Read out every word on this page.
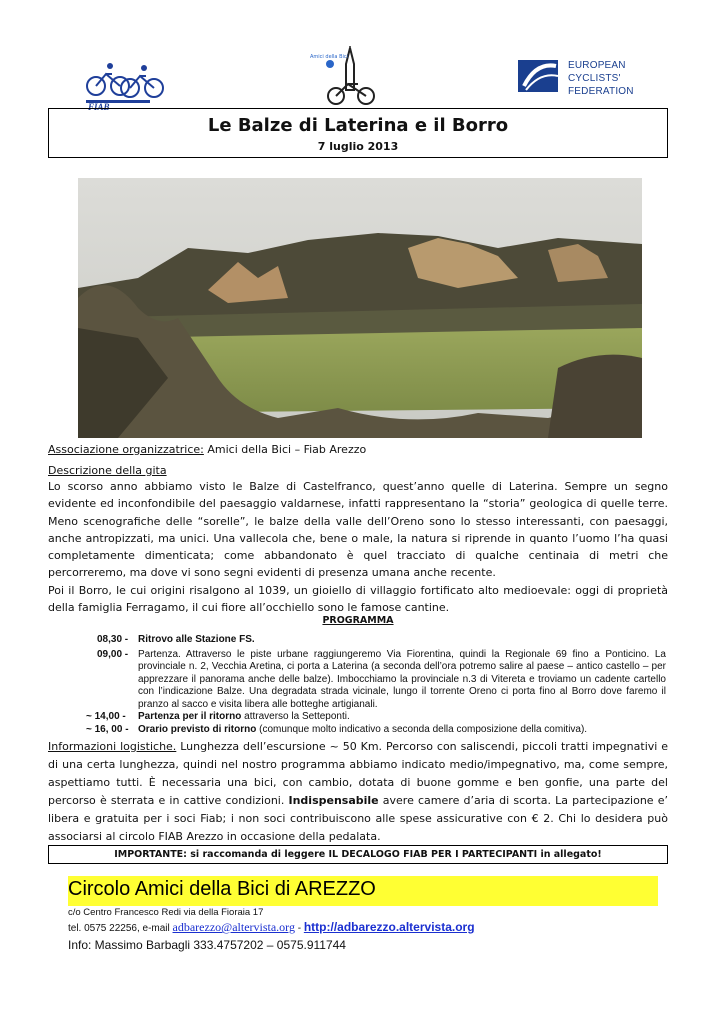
FIAB
Amici della Bici
EUROPEAN
CYCLISTS'
FEDERATION
Le Balze di Laterina e il Borro
7 luglio 2013
Associazione organizzatrice: Amici della Bici – Fiab Arezzo
Descrizione della gita
Lo scorso anno abbiamo visto le Balze di Castelfranco, quest’anno quelle di Laterina. Sempre un segno evidente ed inconfondibile del paesaggio valdarnese, infatti rappresentano la “storia” geologica di quelle terre. Meno scenografiche delle “sorelle”, le balze della valle dell’Oreno sono lo stesso interessanti, con paesaggi, anche antropizzati, ma unici. Una vallecola che, bene o male, la natura si riprende in quanto l’uomo l’ha quasi completamente dimenticata; come abbandonato è quel tracciato di qualche centinaia di metri che percorreremo, ma dove vi sono segni evidenti di presenza umana anche recente.
Poi il Borro, le cui origini risalgono al 1039, un gioiello di villaggio fortificato alto medioevale: oggi di proprietà della famiglia Ferragamo, il cui fiore all’occhiello sono le famose cantine.
PROGRAMMA
08,30 - Ritrovo alle Stazione FS.
09,00 - Partenza. Attraverso le piste urbane raggiungeremo Via Fiorentina, quindi la Regionale 69 fino a Ponticino. La provinciale n. 2, Vecchia Aretina, ci porta a Laterina (a seconda dell’ora potremo salire al paese – antico castello – per apprezzare il panorama anche delle balze). Imbocchiamo la provinciale n.3 di Vitereta e troviamo un cadente cartello con l’indicazione Balze. Una degradata strada vicinale, lungo il torrente Oreno ci porta fino al Borro dove faremo il pranzo al sacco e visita libera alle botteghe artigianali.
~ 14,00 - Partenza per il ritorno attraverso la Setteponti.
~ 16, 00 - Orario previsto di ritorno (comunque molto indicativo a seconda della composizione della comitiva).
Informazioni logistiche. Lunghezza dell’escursione ~ 50 Km. Percorso con saliscendi, piccoli tratti impegnativi e di una certa lunghezza, quindi nel nostro programma abbiamo indicato medio/impegnativo, ma, come sempre, aspettiamo tutti. È necessaria una bici, con cambio, dotata di buone gomme e ben gonfie, una parte del percorso è sterrata e in cattive condizioni. Indispensabile avere camere d’aria di scorta. La partecipazione e’ libera e gratuita per i soci Fiab; i non soci contribuiscono alle spese assicurative con € 2. Chi lo desidera può associarsi al circolo FIAB Arezzo in occasione della pedalata.
IMPORTANTE: si raccomanda di leggere IL DECALOGO FIAB PER I PARTECIPANTI in allegato!
Circolo Amici della Bici di AREZZO
c/o Centro Francesco Redi via della Fioraia 17
tel. 0575 22256, e-mail adbarezzo@altervista.org - http://adbarezzo.altervista.org
Info: Massimo Barbagli 333.4757202 – 0575.911744
